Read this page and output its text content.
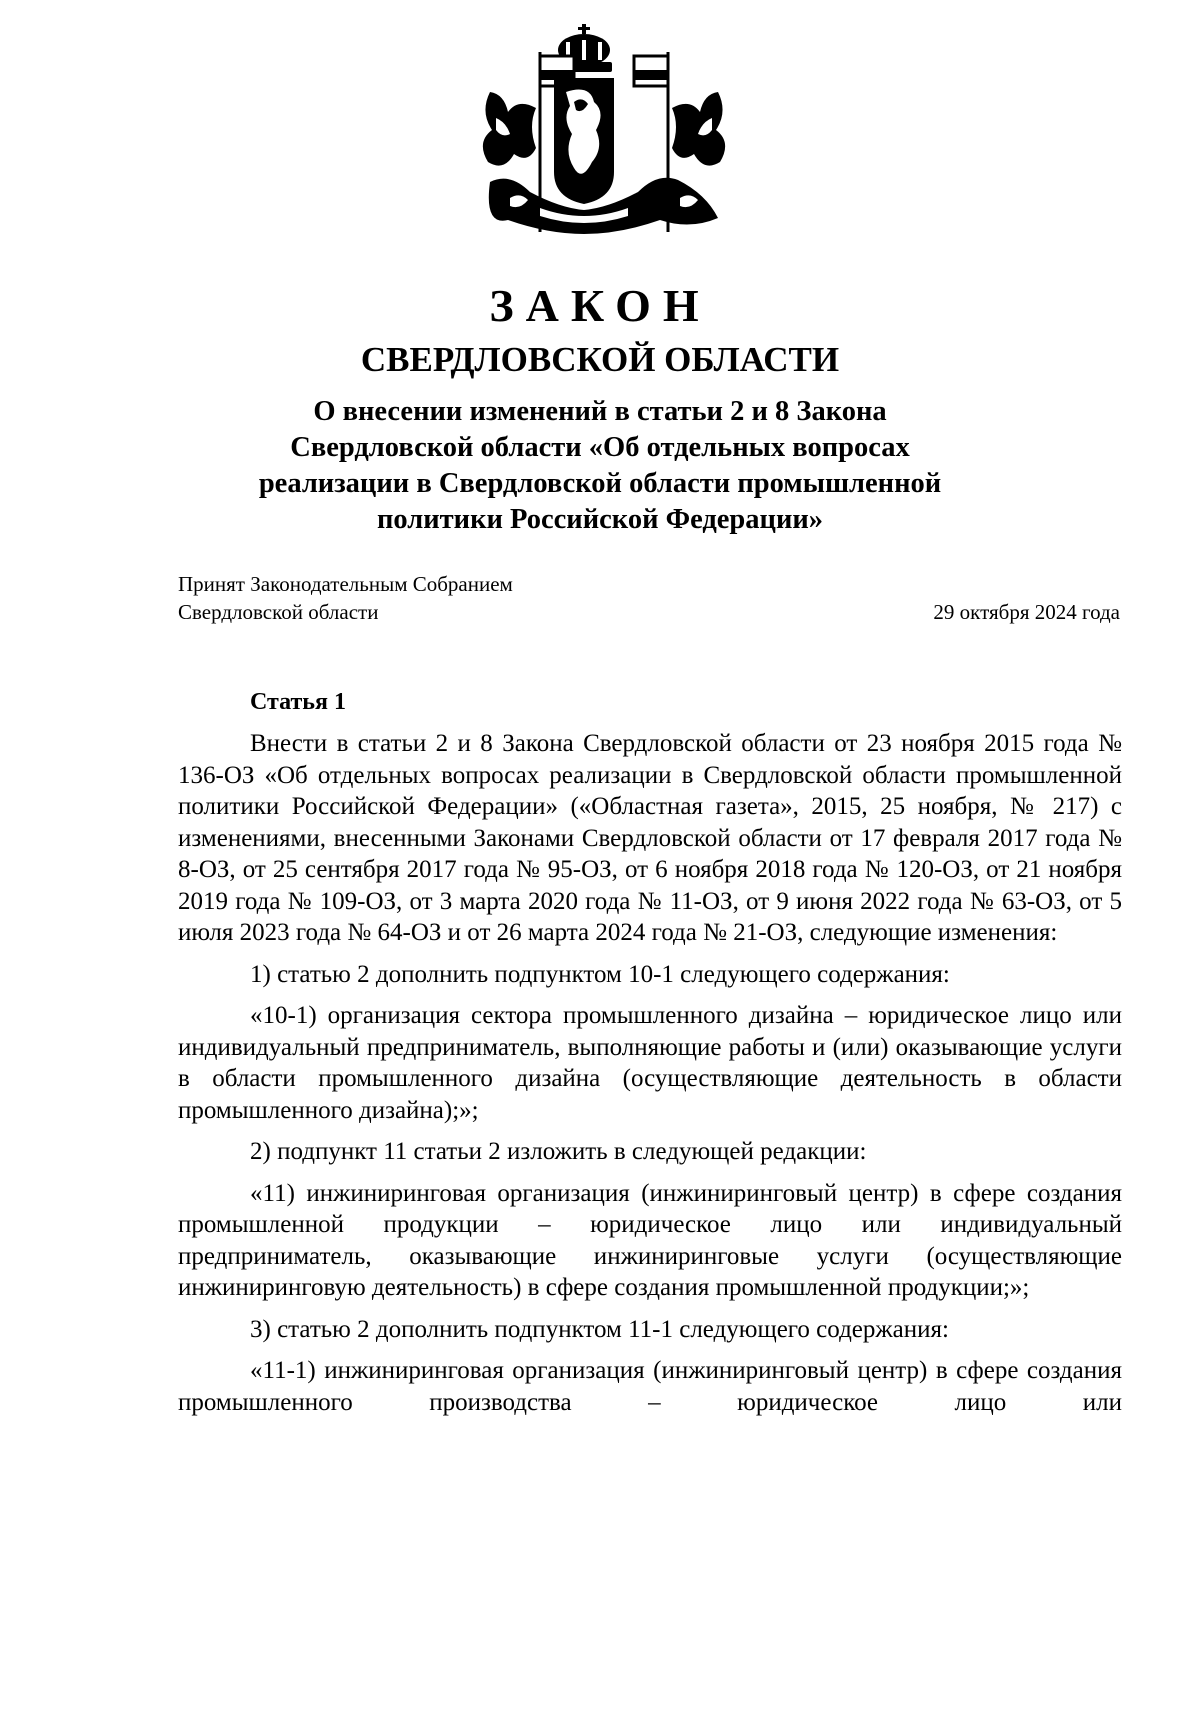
ЗАКОН
СВЕРДЛОВСКОЙ ОБЛАСТИ
О внесении изменений в статьи 2 и 8 Закона Свердловской области «Об отдельных вопросах реализации в Свердловской области промышленной политики Российской Федерации»
Принят Законодательным Собранием
Свердловской области	29 октября 2024 года
Статья 1

Внести в статьи 2 и 8 Закона Свердловской области от 23 ноября 2015 года № 136-ОЗ «Об отдельных вопросах реализации в Свердловской области промышленной политики Российской Федерации» («Областная газета», 2015, 25 ноября, № 217) с изменениями, внесенными Законами Свердловской области от 17 февраля 2017 года № 8-ОЗ, от 25 сентября 2017 года № 95-ОЗ, от 6 ноября 2018 года № 120-ОЗ, от 21 ноября 2019 года № 109-ОЗ, от 3 марта 2020 года № 11-ОЗ, от 9 июня 2022 года № 63-ОЗ, от 5 июля 2023 года № 64-ОЗ и от 26 марта 2024 года № 21-ОЗ, следующие изменения:

1) статью 2 дополнить подпунктом 10-1 следующего содержания:

«10-1) организация сектора промышленного дизайна – юридическое лицо или индивидуальный предприниматель, выполняющие работы и (или) оказывающие услуги в области промышленного дизайна (осуществляющие деятельность в области промышленного дизайна);»;

2) подпункт 11 статьи 2 изложить в следующей редакции:

«11) инжиниринговая организация (инжиниринговый центр) в сфере создания промышленной продукции – юридическое лицо или индивидуальный предприниматель, оказывающие инжиниринговые услуги (осуществляющие инжиниринговую деятельность) в сфере создания промышленной продукции;»;

3) статью 2 дополнить подпунктом 11-1 следующего содержания:

«11-1) инжиниринговая организация (инжиниринговый центр) в сфере создания промышленного производства – юридическое лицо или
